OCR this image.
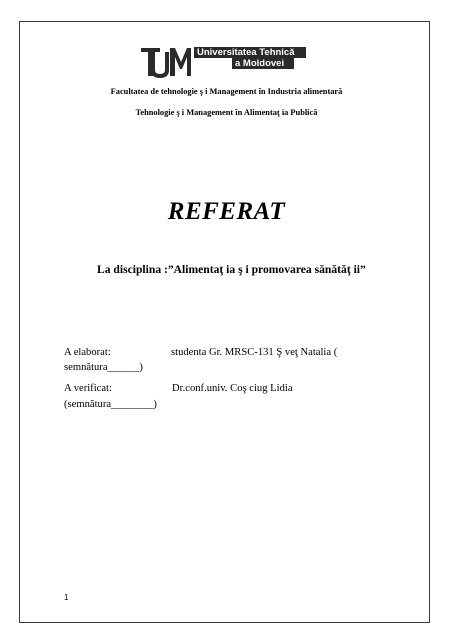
Universitatea Tehnică
a Moldovei
Facultatea de tehnologie ş i Management în Industria alimentară
Tehnologie ş i Management în Alimentaţ ia Publică
REFERAT
La disciplina :”Alimentaţ ia ş i promovarea sănătăţ ii”
A elaborat:	studenta Gr. MRSC-131 Ş veţ Natalia (
semnătura______)
A verificat:	Dr.conf.univ. Coş ciug Lidia
(semnătura________)
1
